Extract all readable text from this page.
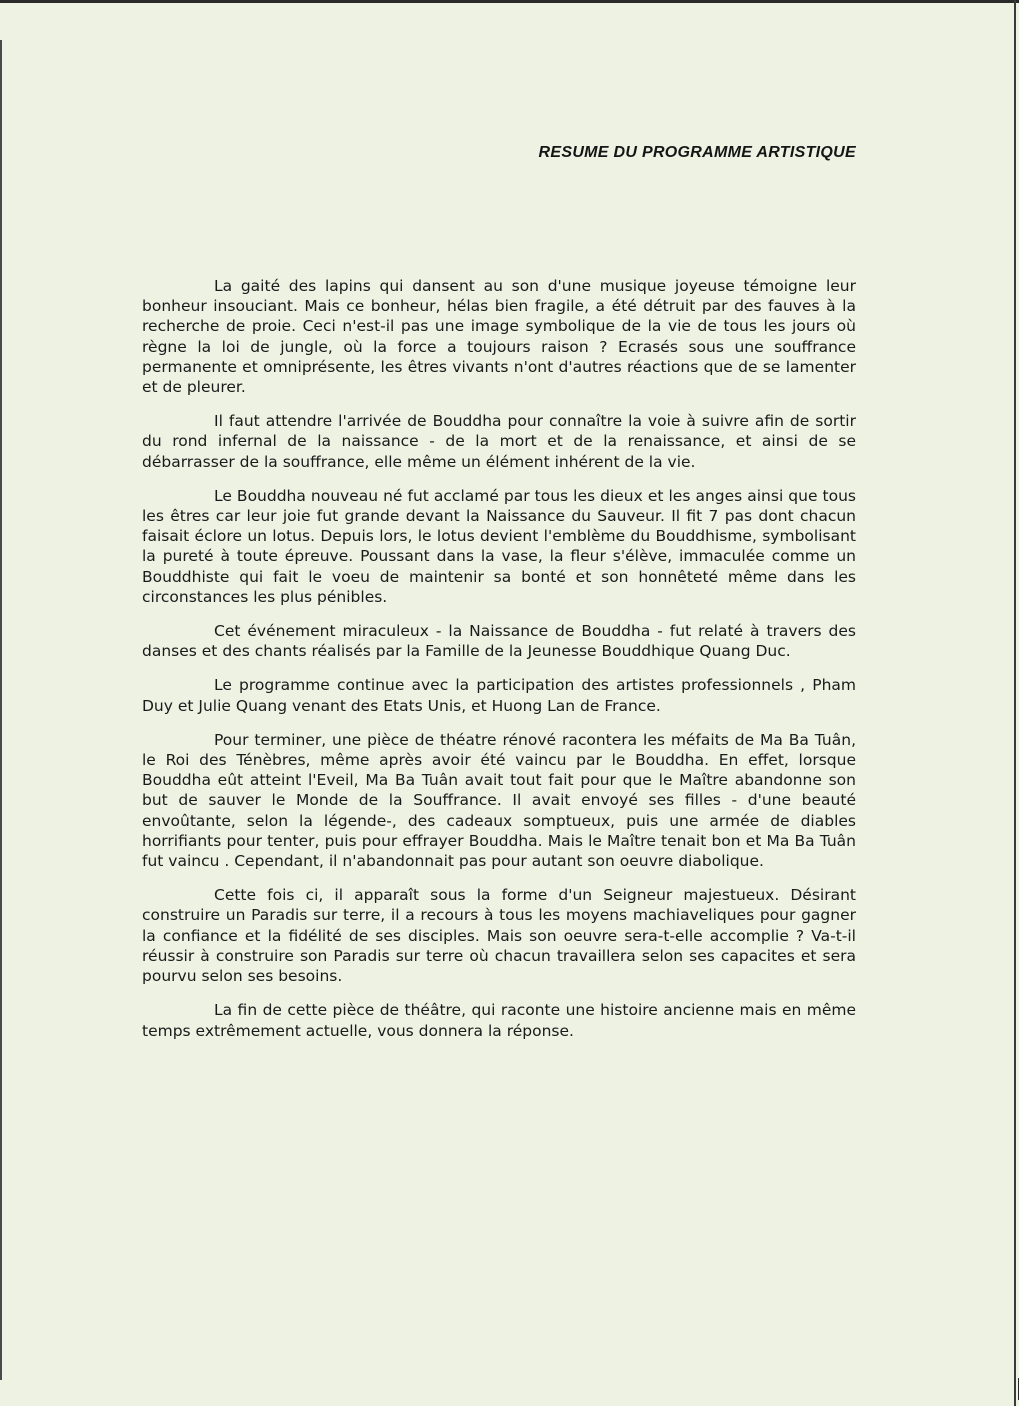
RESUME DU PROGRAMME ARTISTIQUE

La gaité des lapins qui dansent au son d'une musique joyeuse témoigne leur bonheur insouciant. Mais ce bonheur, hélas bien fragile, a été détruit par des fauves à la recherche de proie. Ceci n'est-il pas une image symbolique de la vie de tous les jours où règne la loi de jungle, où la force a toujours raison ? Ecrasés sous une souffrance permanente et omniprésente, les êtres vivants n'ont d'autres réactions que de se lamenter et de pleurer.

Il faut attendre l'arrivée de Bouddha pour connaître la voie à suivre afin de sortir du rond infernal de la naissance - de la mort et de la renaissance, et ainsi de se débarrasser de la souffrance, elle même un élément inhérent de la vie.

Le Bouddha nouveau né fut acclamé par tous les dieux et les anges ainsi que tous les êtres car leur joie fut grande devant la Naissance du Sauveur. Il fit 7 pas dont chacun faisait éclore un lotus. Depuis lors, le lotus devient l'emblème du Bouddhisme, symbolisant la pureté à toute épreuve. Poussant dans la vase, la fleur s'élève, immaculée comme un Bouddhiste qui fait le voeu de maintenir sa bonté et son honnêteté même dans les circonstances les plus pénibles.

Cet événement miraculeux - la Naissance de Bouddha - fut relaté à travers des danses et des chants réalisés par la Famille de la Jeunesse Bouddhique Quang Duc.

Le programme continue avec la participation des artistes professionnels , Pham Duy et Julie Quang venant des Etats Unis, et Huong Lan de France.

Pour terminer, une pièce de théatre rénové racontera les méfaits de Ma Ba Tuân, le Roi des Ténèbres, même après avoir été vaincu par le Bouddha. En effet, lorsque Bouddha eût atteint l'Eveil, Ma Ba Tuân avait tout fait pour que le Maître abandonne son but de sauver le Monde de la Souffrance. Il avait envoyé ses filles - d'une beauté envoûtante, selon la légende-, des cadeaux somptueux, puis une armée de diables horrifiants pour tenter, puis pour effrayer Bouddha. Mais le Maître tenait bon et Ma Ba Tuân fut vaincu . Cependant, il n'abandonnait pas pour autant son oeuvre diabolique.

Cette fois ci, il apparaît sous la forme d'un Seigneur majestueux. Désirant construire un Paradis sur terre, il a recours à tous les moyens machiaveliques pour gagner la confiance et la fidélité de ses disciples. Mais son oeuvre sera-t-elle accomplie ? Va-t-il réussir à construire son Paradis sur terre où chacun travaillera selon ses capacites et sera pourvu selon ses besoins.

La fin de cette pièce de théâtre, qui raconte une histoire ancienne mais en même temps extrêmement actuelle, vous donnera la réponse.
